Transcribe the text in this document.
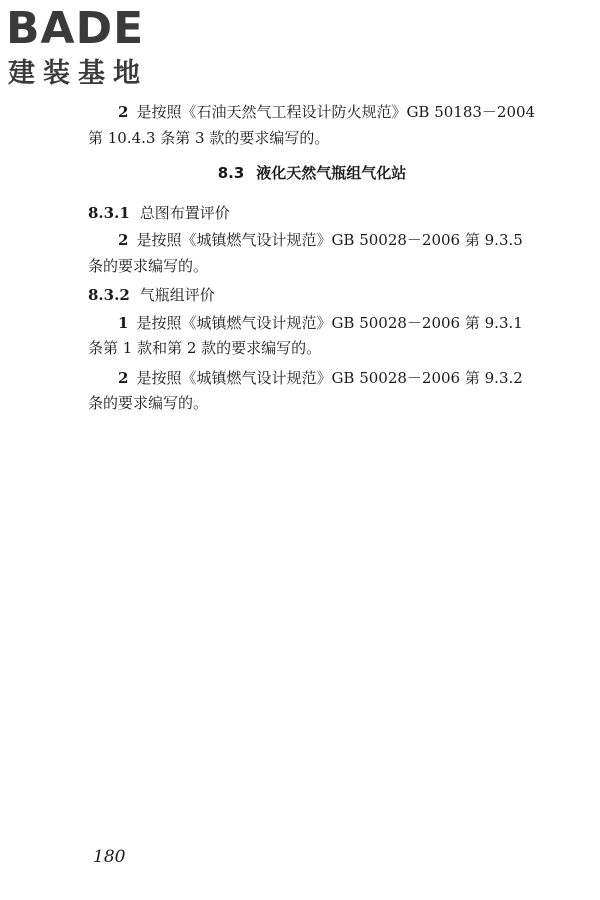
BADE
建装基地

2 是按照《石油天然气工程设计防火规范》GB 50183－2004 第 10.4.3 条第 3 款的要求编写的。

8.3 液化天然气瓶组气化站

8.3.1 总图布置评价

2 是按照《城镇燃气设计规范》GB 50028－2006 第 9.3.5 条的要求编写的。

8.3.2 气瓶组评价

1 是按照《城镇燃气设计规范》GB 50028－2006 第 9.3.1 条第 1 款和第 2 款的要求编写的。

2 是按照《城镇燃气设计规范》GB 50028－2006 第 9.3.2 条的要求编写的。

180
